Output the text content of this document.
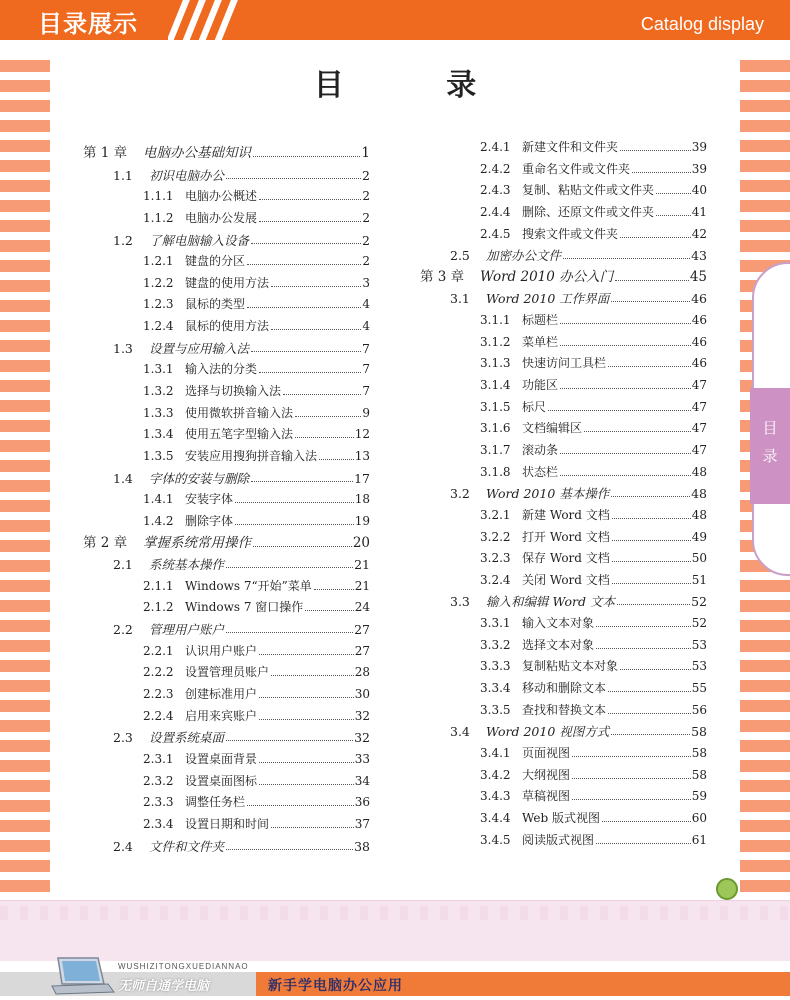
目录展示	Catalog display
目
录
目 录
第 1 章 电脑办公基础知识	1
1.1 初识电脑办公	2
1.1.1 电脑办公概述	2
1.1.2 电脑办公发展	2
1.2 了解电脑输入设备	2
1.2.1 键盘的分区	2
1.2.2 键盘的使用方法	3
1.2.3 鼠标的类型	4
1.2.4 鼠标的使用方法	4
1.3 设置与应用输入法	7
1.3.1 输入法的分类	7
1.3.2 选择与切换输入法	7
1.3.3 使用微软拼音输入法	9
1.3.4 使用五笔字型输入法	12
1.3.5 安装应用搜狗拼音输入法	13
1.4 字体的安装与删除	17
1.4.1 安装字体	18
1.4.2 删除字体	19
第 2 章 掌握系统常用操作	20
2.1 系统基本操作	21
2.1.1 Windows 7“开始”菜单	21
2.1.2 Windows 7 窗口操作	24
2.2 管理用户账户	27
2.2.1 认识用户账户	27
2.2.2 设置管理员账户	28
2.2.3 创建标准用户	30
2.2.4 启用来宾账户	32
2.3 设置系统桌面	32
2.3.1 设置桌面背景	33
2.3.2 设置桌面图标	34
2.3.3 调整任务栏	36
2.3.4 设置日期和时间	37
2.4 文件和文件夹	38
2.4.1 新建文件和文件夹	39
2.4.2 重命名文件或文件夹	39
2.4.3 复制、粘贴文件或文件夹	40
2.4.4 删除、还原文件或文件夹	41
2.4.5 搜索文件或文件夹	42
2.5 加密办公文件	43
第 3 章 Word 2010 办公入门	45
3.1 Word 2010 工作界面	46
3.1.1 标题栏	46
3.1.2 菜单栏	46
3.1.3 快速访问工具栏	46
3.1.4 功能区	47
3.1.5 标尺	47
3.1.6 文档编辑区	47
3.1.7 滚动条	47
3.1.8 状态栏	48
3.2 Word 2010 基本操作	48
3.2.1 新建 Word 文档	48
3.2.2 打开 Word 文档	49
3.2.3 保存 Word 文档	50
3.2.4 关闭 Word 文档	51
3.3 输入和编辑 Word 文本	52
3.3.1 输入文本对象	52
3.3.2 选择文本对象	53
3.3.3 复制粘贴文本对象	53
3.3.4 移动和删除文本	55
3.3.5 查找和替换文本	56
3.4 Word 2010 视图方式	58
3.4.1 页面视图	58
3.4.2 大纲视图	58
3.4.3 草稿视图	59
3.4.4 Web 版式视图	60
3.4.5 阅读版式视图	61
WUSHIZITONGXUEDIANNAO
无师自通学电脑	新手学电脑办公应用
